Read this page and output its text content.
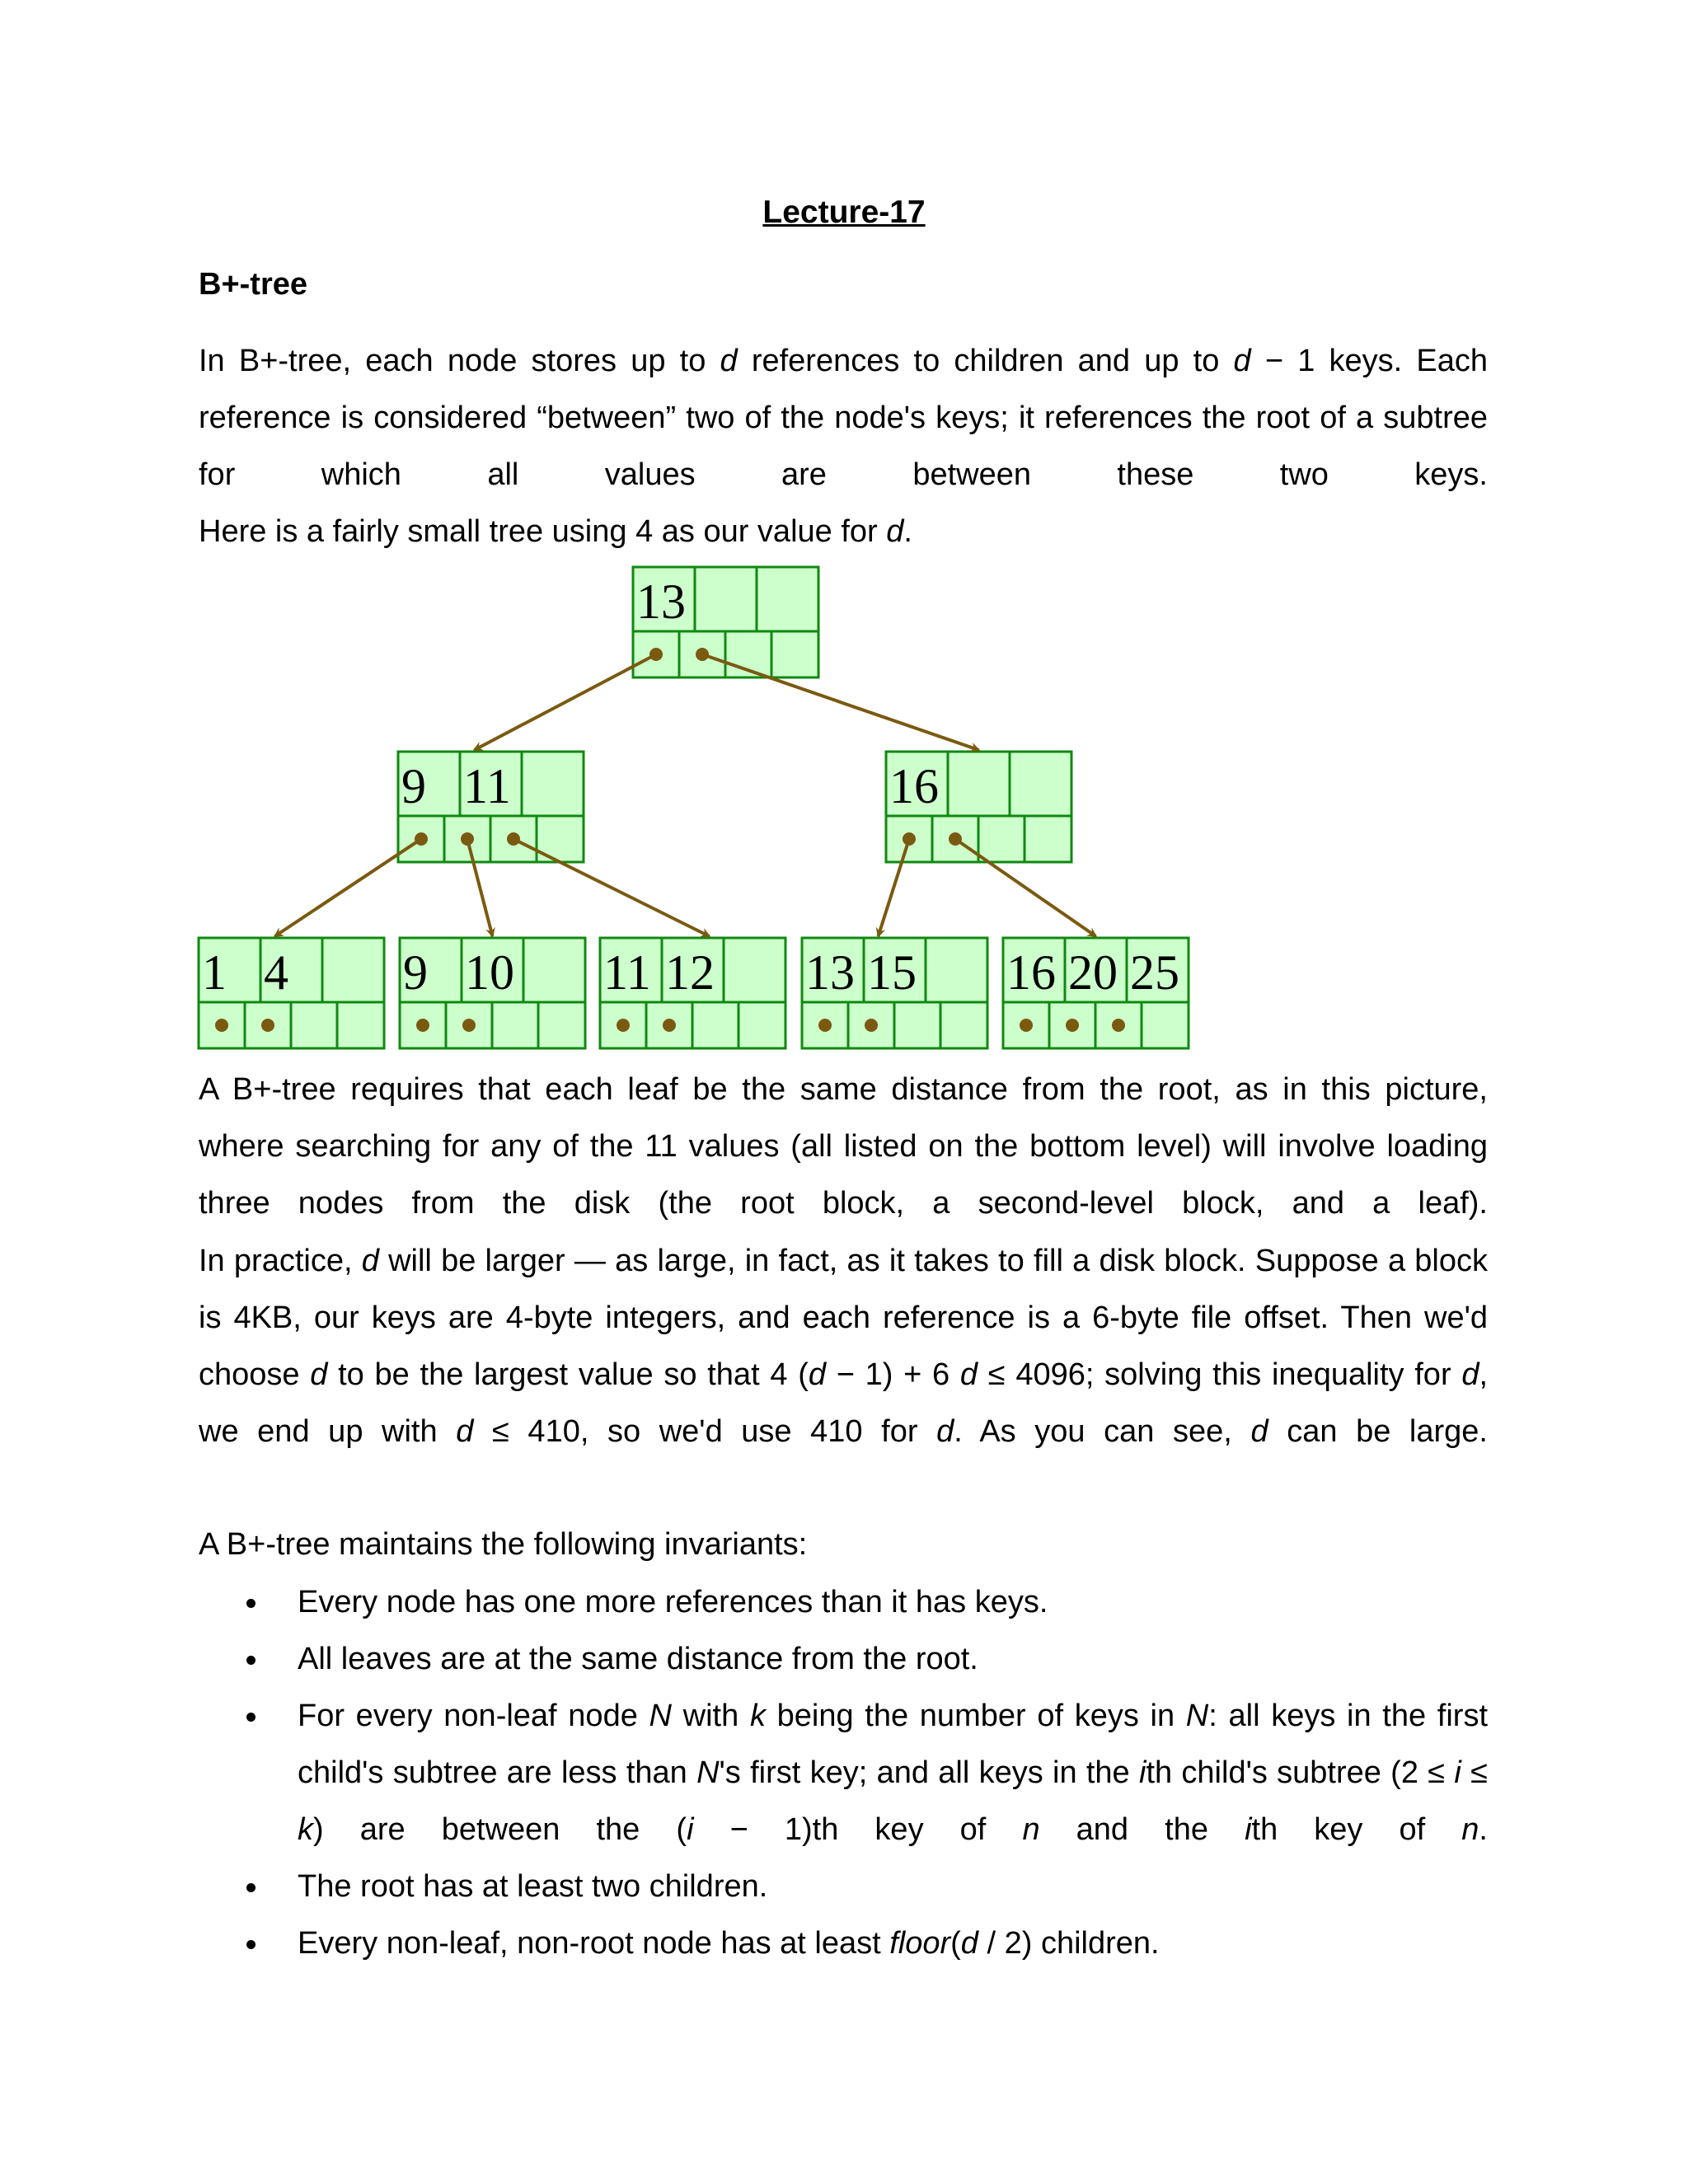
Lecture-17
B+-tree
In B+-tree, each node stores up to d references to children and up to d − 1 keys. Each reference is considered “between” two of the node's keys; it references the root of a subtree for which all values are between these two keys.
Here is a fairly small tree using 4 as our value for d.
13
9 11	16
1 4 9 10 11 12 13 15 16 20 25
A B+-tree requires that each leaf be the same distance from the root, as in this picture, where searching for any of the 11 values (all listed on the bottom level) will involve loading three nodes from the disk (the root block, a second-level block, and a leaf).
In practice, d will be larger — as large, in fact, as it takes to fill a disk block. Suppose a block is 4KB, our keys are 4-byte integers, and each reference is a 6-byte file offset. Then we'd choose d to be the largest value so that 4 (d − 1) + 6 d ≤ 4096; solving this inequality for d, we end up with d ≤ 410, so we'd use 410 for d. As you can see, d can be large.
A B+-tree maintains the following invariants:
Every node has one more references than it has keys.
All leaves are at the same distance from the root.
For every non-leaf node N with k being the number of keys in N: all keys in the first child's subtree are less than N's first key; and all keys in the ith child's subtree (2 ≤ i ≤ k) are between the (i − 1)th key of n and the ith key of n.
The root has at least two children.
Every non-leaf, non-root node has at least floor(d / 2) children.
